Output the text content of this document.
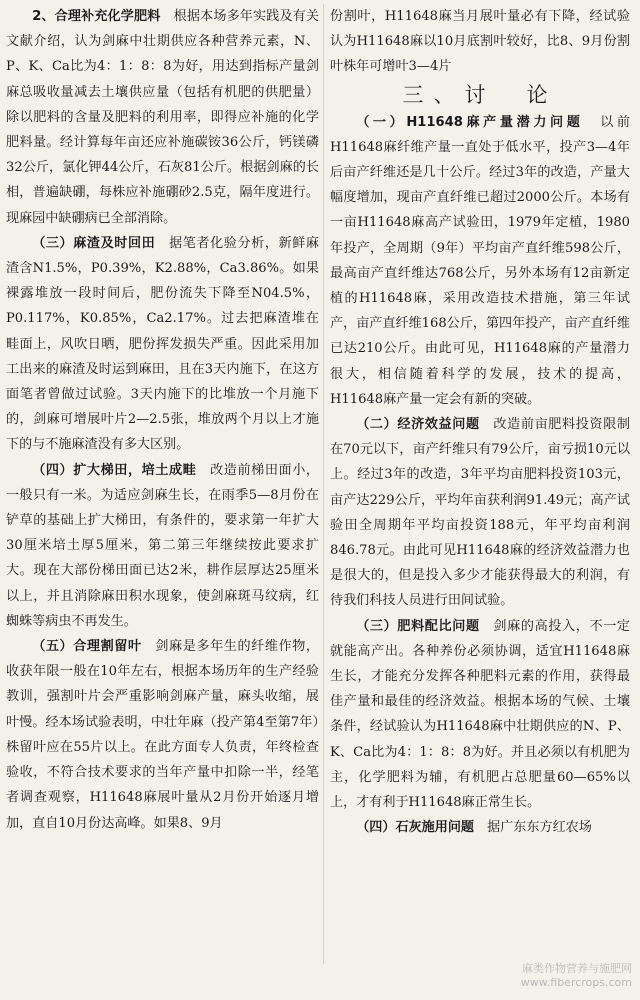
2、合理补充化学肥料　 根据本场多年实践及有关文献介绍，认为剑麻中壮期供应各种营养元素，N、P、K、Ca比为4：1：8：8为好，用达到指标产量剑麻总吸收量减去土壤供应量（包括有机肥的供肥量）除以肥料的含量及肥料的利用率，即得应补施的化学肥料量。经计算每年亩还应补施碳铵36公斤，钙镁磷32公斤，氯化钾44公斤，石灰81公斤。根据剑麻的长相，普遍缺硼，每株应补施硼砂2.5克，隔年度进行。现麻园中缺硼病已全部消除。

（三）麻渣及时回田　 据笔者化验分析，新鲜麻渣含N1.5%，P0.39%，K2.88%，Ca3.86%。如果裸露堆放一段时间后，肥份流失下降至N04.5%，P0.117%，K0.85%，Ca2.17%。过去把麻渣堆在畦面上，风吹日晒，肥份挥发损失严重。因此采用加工出来的麻渣及时运到麻田，且在3天内施下，在这方面笔者曾做过试验。3天内施下的比堆放一个月施下的，剑麻可增展叶片2—2.5张，堆放两个月以上才施下的与不施麻渣没有多大区别。

（四）扩大梯田，培土成畦　 改造前梯田面小，一般只有一米。为适应剑麻生长，在雨季5—8月份在铲草的基础上扩大梯田，有条件的，要求第一年扩大30厘米培土厚5厘米，第二第三年继续按此要求扩大。现在大部份梯田面已达2米，耕作层厚达25厘米以上，并且消除麻田积水现象，使剑麻斑马纹病，红蜘蛛等病虫不再发生。

（五）合理割留叶　 剑麻是多年生的纤维作物，收获年限一般在10年左右，根据本场历年的生产经验教训，强割叶片会严重影响剑麻产量，麻头收缩，展叶慢。经本场试验表明，中壮年麻（投产第4至第7年）株留叶应在55片以上。在此方面专人负责，年终检查验收，不符合技术要求的当年产量中扣除一半，经笔者调查观察，H11648麻展叶量从2月份开始逐月增加，直自10月份达高峰。如果8、9月

份割叶，H11648麻当月展叶量必有下降，经试验认为H11648麻以10月底割叶较好，比8、9月份割叶株年可增叶3—4片

三、讨　论

（一）H11648麻产量潜力问题　 以前H11648麻纤维产量一直处于低水平，投产3—4年后亩产纤维还是几十公斤。经过3年的改造，产量大幅度增加，现亩产直纤维已超过2000公斤。本场有一亩H11648麻高产试验田，1979年定植，1980年投产，全周期（9年）平均亩产直纤维598公斤，最高亩产直纤维达768公斤，另外本场有12亩新定植的H11648麻，采用改造技术措施，第三年试产，亩产直纤维168公斤，第四年投产，亩产直纤维已达210公斤。由此可见，H11648麻的产量潜力很大，相信随着科学的发展，技术的提高，H11648麻产量一定会有新的突破。

（二）经济效益问题　 改造前亩肥料投资限制在70元以下，亩产纤维只有79公斤，亩亏损10元以上。经过3年的改造，3年平均亩肥料投资103元，亩产达229公斤，平均年亩获利润91.49元；高产试验田全周期年平均亩投资188元，年平均亩利润846.78元。由此可见H11648麻的经济效益潜力也是很大的，但是投入多少才能获得最大的利润，有待我们科技人员进行田间试验。

（三）肥料配比问题　 剑麻的高投入，不一定就能高产出。各种养份必须协调，适宜H11648麻生长，才能充分发挥各种肥料元素的作用，获得最佳产量和最佳的经济效益。根据本场的气候、土壤条件，经试验认为H11648麻中壮期供应的N、P、K、Ca比为4：1：8：8为好。并且必须以有机肥为主，化学肥料为辅，有机肥占总肥量60—65%以上，才有利于H11648麻正常生长。

（四）石灰施用问题　 据广东东方红农场

麻类作物营养与施肥网
www.fibercrops.com
